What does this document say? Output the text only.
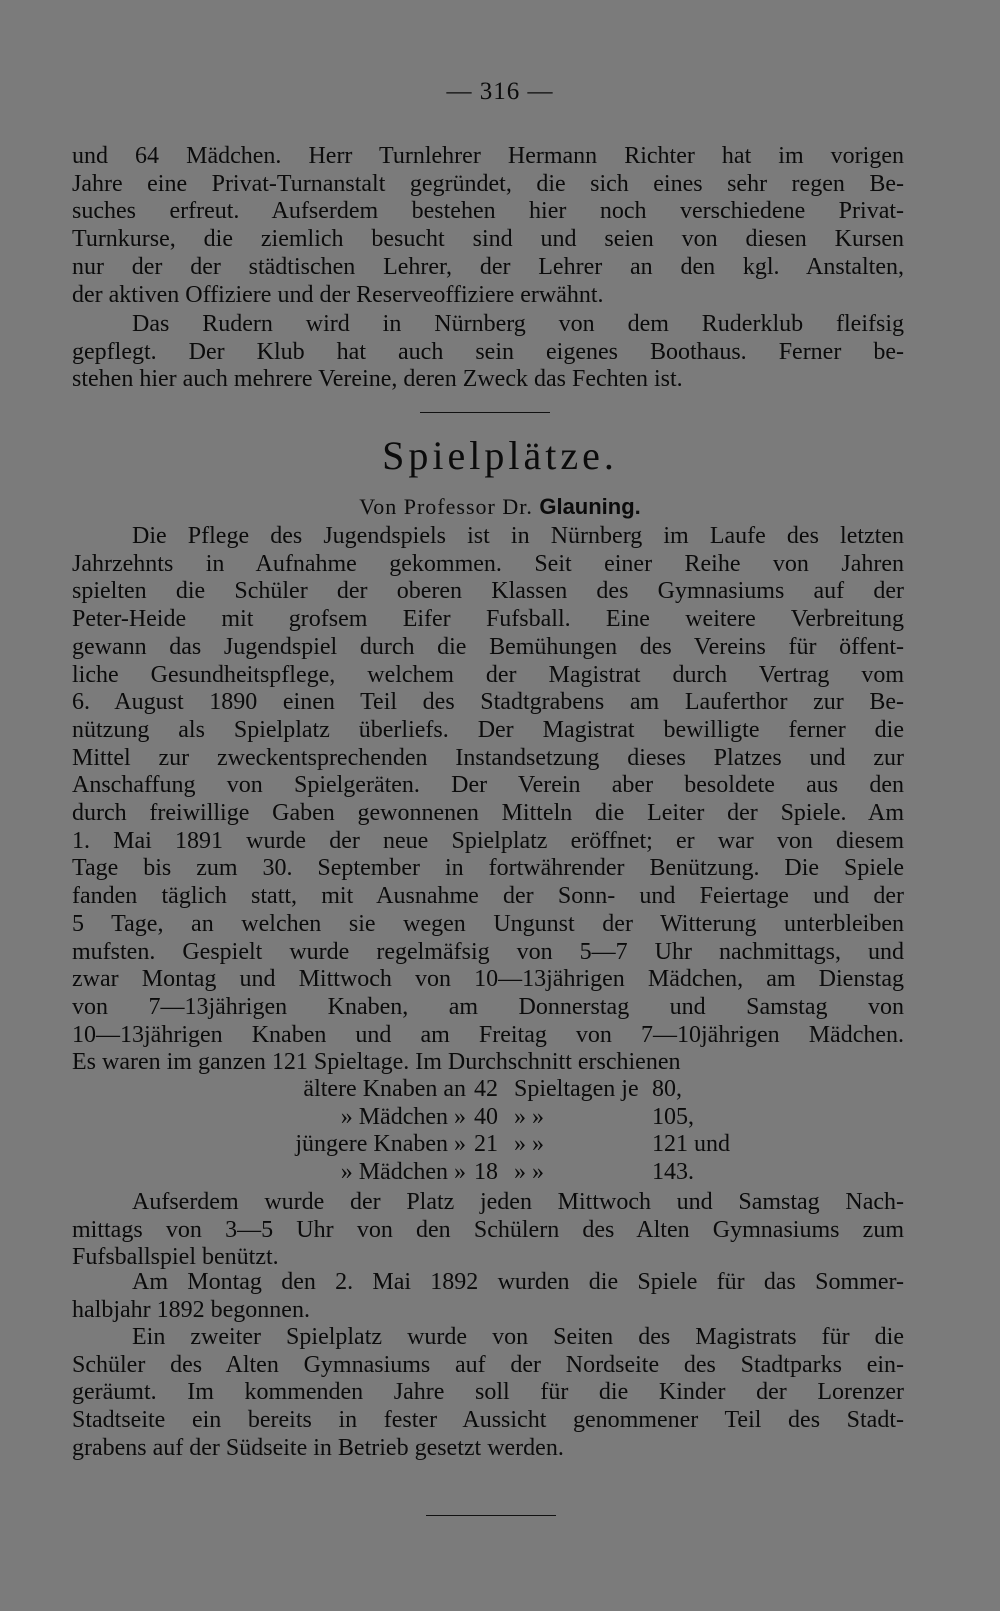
— 316 —
und 64 Mädchen. Herr Turnlehrer Hermann Richter hat im vorigen
Jahre eine Privat-Turnanstalt gegründet, die sich eines sehr regen Be-
suches erfreut. Aufserdem bestehen hier noch verschiedene Privat-
Turnkurse, die ziemlich besucht sind und seien von diesen Kursen
nur der der städtischen Lehrer, der Lehrer an den kgl. Anstalten,
der aktiven Offiziere und der Reserveoffiziere erwähnt.
Das Rudern wird in Nürnberg von dem Ruderklub fleifsig
gepflegt. Der Klub hat auch sein eigenes Boothaus. Ferner be-
stehen hier auch mehrere Vereine, deren Zweck das Fechten ist.
Die Pflege des Jugendspiels ist in Nürnberg im Laufe des letzten
Jahrzehnts in Aufnahme gekommen. Seit einer Reihe von Jahren
spielten die Schüler der oberen Klassen des Gymnasiums auf der
Peter-Heide mit grofsem Eifer Fufsball. Eine weitere Verbreitung
gewann das Jugendspiel durch die Bemühungen des Vereins für öffent-
liche Gesundheitspflege, welchem der Magistrat durch Vertrag vom
6. August 1890 einen Teil des Stadtgrabens am Lauferthor zur Be-
nützung als Spielplatz überliefs. Der Magistrat bewilligte ferner die
Mittel zur zweckentsprechenden Instandsetzung dieses Platzes und zur
Anschaffung von Spielgeräten. Der Verein aber besoldete aus den
durch freiwillige Gaben gewonnenen Mitteln die Leiter der Spiele. Am
1. Mai 1891 wurde der neue Spielplatz eröffnet; er war von diesem
Tage bis zum 30. September in fortwährender Benützung. Die Spiele
fanden täglich statt, mit Ausnahme der Sonn- und Feiertage und der
5 Tage, an welchen sie wegen Ungunst der Witterung unterbleiben
mufsten. Gespielt wurde regelmäfsig von 5—7 Uhr nachmittags, und
zwar Montag und Mittwoch von 10—13jährigen Mädchen, am Dienstag
von 7—13jährigen Knaben, am Donnerstag und Samstag von
10—13jährigen Knaben und am Freitag von 7—10jährigen Mädchen.
Es waren im ganzen 121 Spieltage. Im Durchschnitt erschienen
Aufserdem wurde der Platz jeden Mittwoch und Samstag Nach-
mittags von 3—5 Uhr von den Schülern des Alten Gymnasiums zum
Fufsballspiel benützt.
Am Montag den 2. Mai 1892 wurden die Spiele für das Sommer-
halbjahr 1892 begonnen.
Ein zweiter Spielplatz wurde von Seiten des Magistrats für die
Schüler des Alten Gymnasiums auf der Nordseite des Stadtparks ein-
geräumt. Im kommenden Jahre soll für die Kinder der Lorenzer
Stadtseite ein bereits in fester Aussicht genommener Teil des Stadt-
grabens auf der Südseite in Betrieb gesetzt werden.
Spielplätze.
Von Professor Dr. Glauning.
ältere Knaben an 42 Spieltagen je 80,
» Mädchen » 40 » »	105,
jüngere Knaben » 21 » »	121 und
» Mädchen » 18 » »	143.
